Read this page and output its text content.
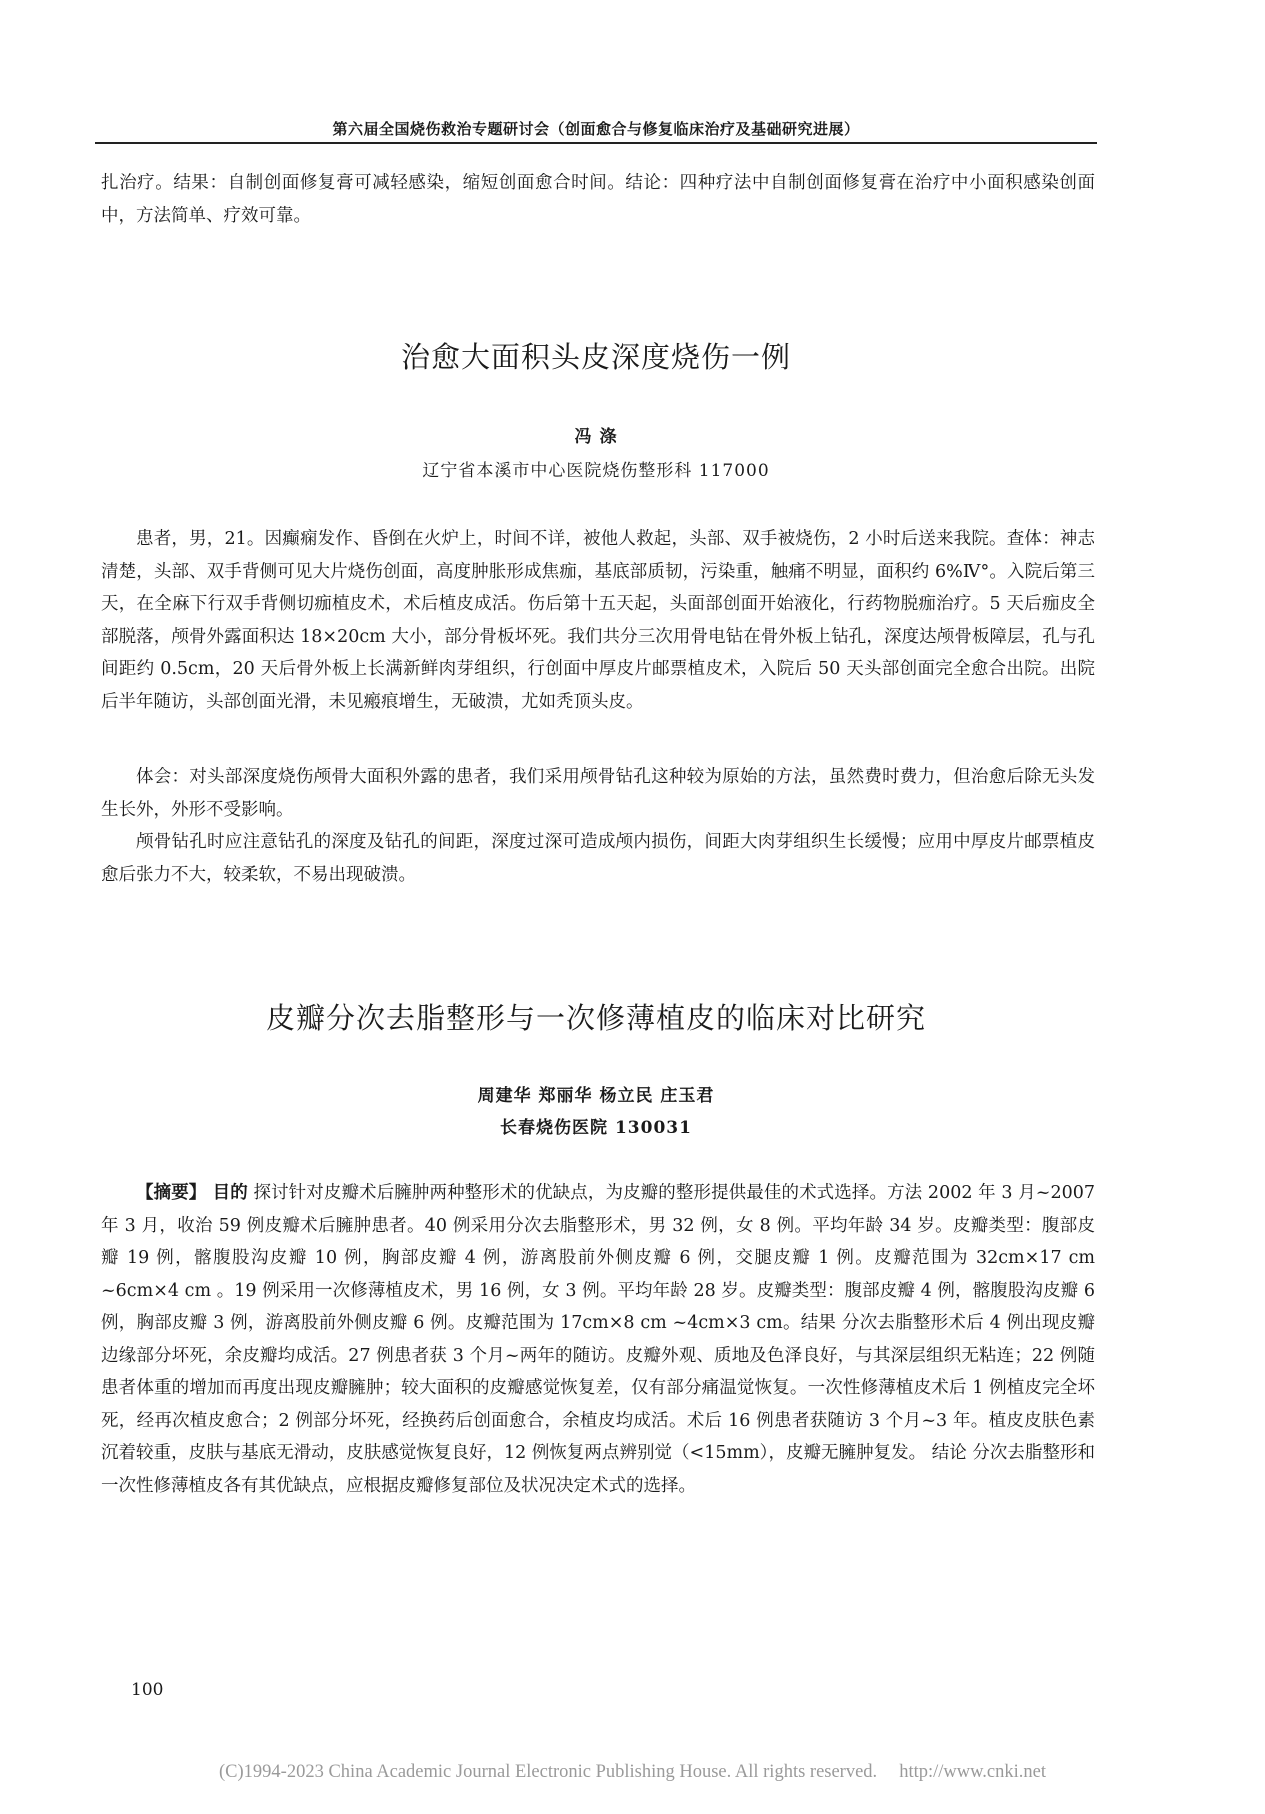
第六届全国烧伤救治专题研讨会（创面愈合与修复临床治疗及基础研究进展）
扎治疗。结果：自制创面修复膏可减轻感染，缩短创面愈合时间。结论：四种疗法中自制创面修复膏在治疗中小面积感染创面中，方法简单、疗效可靠。
治愈大面积头皮深度烧伤一例
冯 涤
辽宁省本溪市中心医院烧伤整形科 117000
患者，男，21。因癫痫发作、昏倒在火炉上，时间不详，被他人救起，头部、双手被烧伤，2 小时后送来我院。查体：神志清楚，头部、双手背侧可见大片烧伤创面，高度肿胀形成焦痂，基底部质韧，污染重，触痛不明显，面积约 6%Ⅳ°。入院后第三天，在全麻下行双手背侧切痂植皮术，术后植皮成活。伤后第十五天起，头面部创面开始液化，行药物脱痂治疗。5 天后痂皮全部脱落，颅骨外露面积达 18×20cm 大小，部分骨板坏死。我们共分三次用骨电钻在骨外板上钻孔，深度达颅骨板障层，孔与孔间距约 0.5cm，20 天后骨外板上长满新鲜肉芽组织，行创面中厚皮片邮票植皮术，入院后 50 天头部创面完全愈合出院。出院后半年随访，头部创面光滑，未见瘢痕增生，无破溃，尤如秃顶头皮。
体会：对头部深度烧伤颅骨大面积外露的患者，我们采用颅骨钻孔这种较为原始的方法，虽然费时费力，但治愈后除无头发生长外，外形不受影响。
颅骨钻孔时应注意钻孔的深度及钻孔的间距，深度过深可造成颅内损伤，间距大肉芽组织生长缓慢；应用中厚皮片邮票植皮愈后张力不大，较柔软，不易出现破溃。
皮瓣分次去脂整形与一次修薄植皮的临床对比研究
周建华 郑丽华 杨立民 庄玉君
长春烧伤医院 130031
【摘要】 目的 探讨针对皮瓣术后臃肿两种整形术的优缺点，为皮瓣的整形提供最佳的术式选择。方法 2002 年 3 月~2007 年 3 月，收治 59 例皮瓣术后臃肿患者。40 例采用分次去脂整形术，男 32 例，女 8 例。平均年龄 34 岁。皮瓣类型：腹部皮瓣 19 例，髂腹股沟皮瓣 10 例，胸部皮瓣 4 例，游离股前外侧皮瓣 6 例，交腿皮瓣 1 例。皮瓣范围为 32cm×17 cm ~6cm×4 cm 。19 例采用一次修薄植皮术，男 16 例，女 3 例。平均年龄 28 岁。皮瓣类型：腹部皮瓣 4 例，髂腹股沟皮瓣 6 例，胸部皮瓣 3 例，游离股前外侧皮瓣 6 例。皮瓣范围为 17cm×8 cm ~4cm×3 cm。结果 分次去脂整形术后 4 例出现皮瓣边缘部分坏死，余皮瓣均成活。27 例患者获 3 个月~两年的随访。皮瓣外观、质地及色泽良好，与其深层组织无粘连；22 例随患者体重的增加而再度出现皮瓣臃肿；较大面积的皮瓣感觉恢复差，仅有部分痛温觉恢复。一次性修薄植皮术后 1 例植皮完全坏死，经再次植皮愈合；2 例部分坏死，经换药后创面愈合，余植皮均成活。术后 16 例患者获随访 3 个月~3 年。植皮皮肤色素沉着较重，皮肤与基底无滑动，皮肤感觉恢复良好，12 例恢复两点辨别觉（<15mm），皮瓣无臃肿复发。 结论 分次去脂整形和一次性修薄植皮各有其优缺点，应根据皮瓣修复部位及状况决定术式的选择。
100
(C)1994-2023 China Academic Journal Electronic Publishing House. All rights reserved. http://www.cnki.net
